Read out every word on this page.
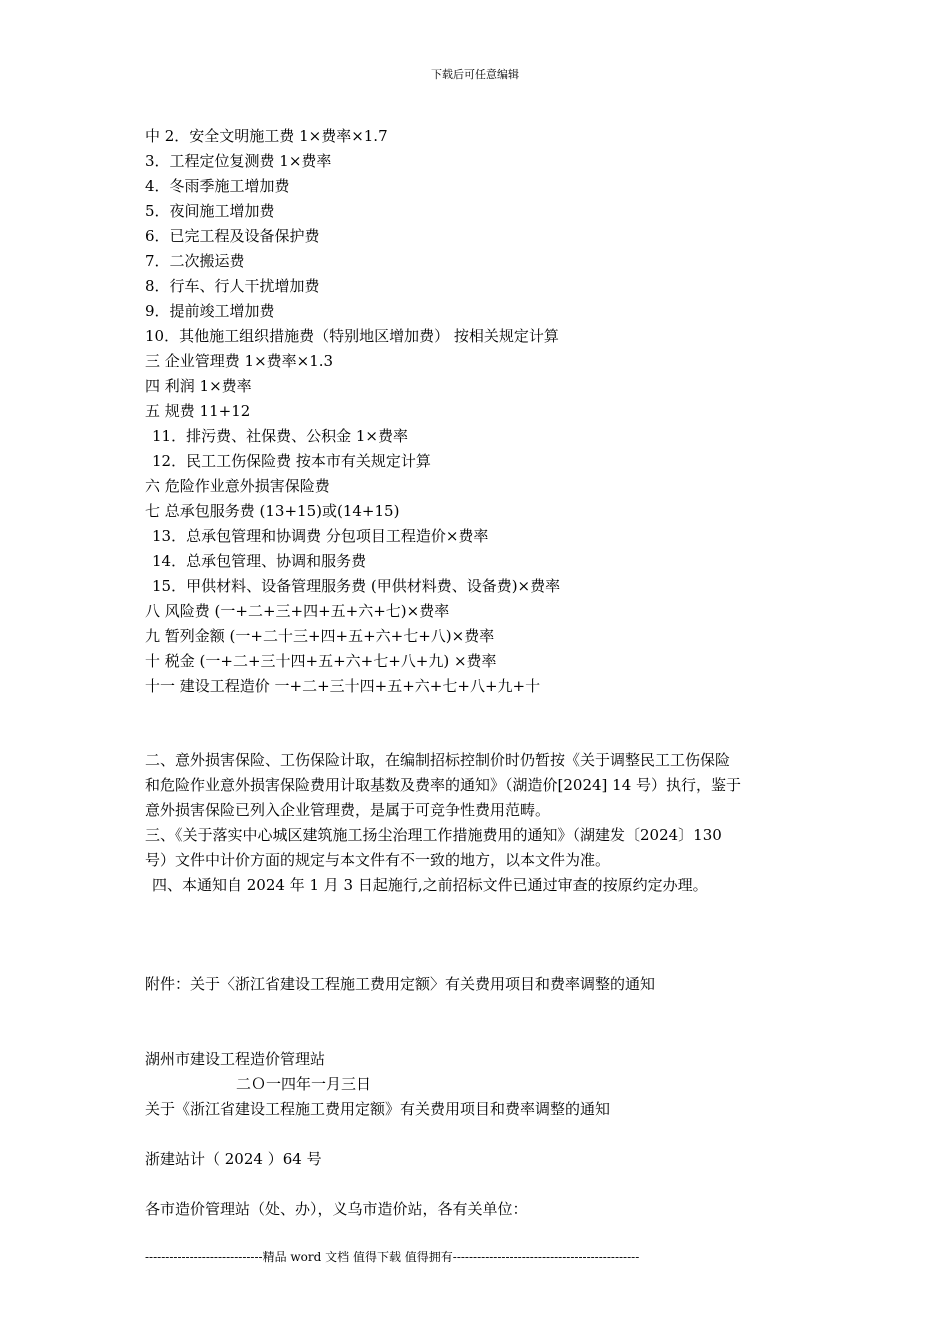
下载后可任意编辑
中 2．安全文明施工费 1×费率×1.7
3．工程定位复测费 1×费率
4．冬雨季施工增加费
5．夜间施工增加费
6．已完工程及设备保护费
7．二次搬运费
8．行车、行人干扰增加费
9．提前竣工增加费
10．其他施工组织措施费（特别地区增加费） 按相关规定计算
三 企业管理费 1×费率×1.3
四 利润 1×费率
五 规费 11+12
11．排污费、社保费、公积金 1×费率
12．民工工伤保险费 按本市有关规定计算
六 危险作业意外损害保险费
七 总承包服务费 (13+15)或(14+15)
13．总承包管理和协调费 分包项目工程造价×费率
14．总承包管理、协调和服务费
15．甲供材料、设备管理服务费 (甲供材料费、设备费)×费率
八 风险费 (一+二+三+四+五+六+七)×费率
九 暂列金额 (一+二十三+四+五+六+七+八)×费率
十 税金 (一+二+三十四+五+六+七+八+九) ×费率
十一 建设工程造价 一+二+三十四+五+六+七+八+九+十
二、意外损害保险、工伤保险计取，在编制招标控制价时仍暂按《关于调整民工工伤保险
和危险作业意外损害保险费用计取基数及费率的通知》（湖造价[2024] 14 号）执行，鉴于
意外损害保险已列入企业管理费，是属于可竞争性费用范畴。
三、《关于落实中心城区建筑施工扬尘治理工作措施费用的通知》（湖建发〔2024〕130
号）文件中计价方面的规定与本文件有不一致的地方，以本文件为准。
四、本通知自 2024 年 1 月 3 日起施行,之前招标文件已通过审查的按原约定办理。
附件：关于〈浙江省建设工程施工费用定额〉有关费用项目和费率调整的通知
湖州市建设工程造价管理站
二Ｏ一四年一月三日
关于《浙江省建设工程施工费用定额》有关费用项目和费率调整的通知
浙建站计（ 2024 ）64 号
各市造价管理站（处、办），义乌市造价站，各有关单位：
-----------------------------精品 word 文档 值得下载 值得拥有----------------------------------------------
